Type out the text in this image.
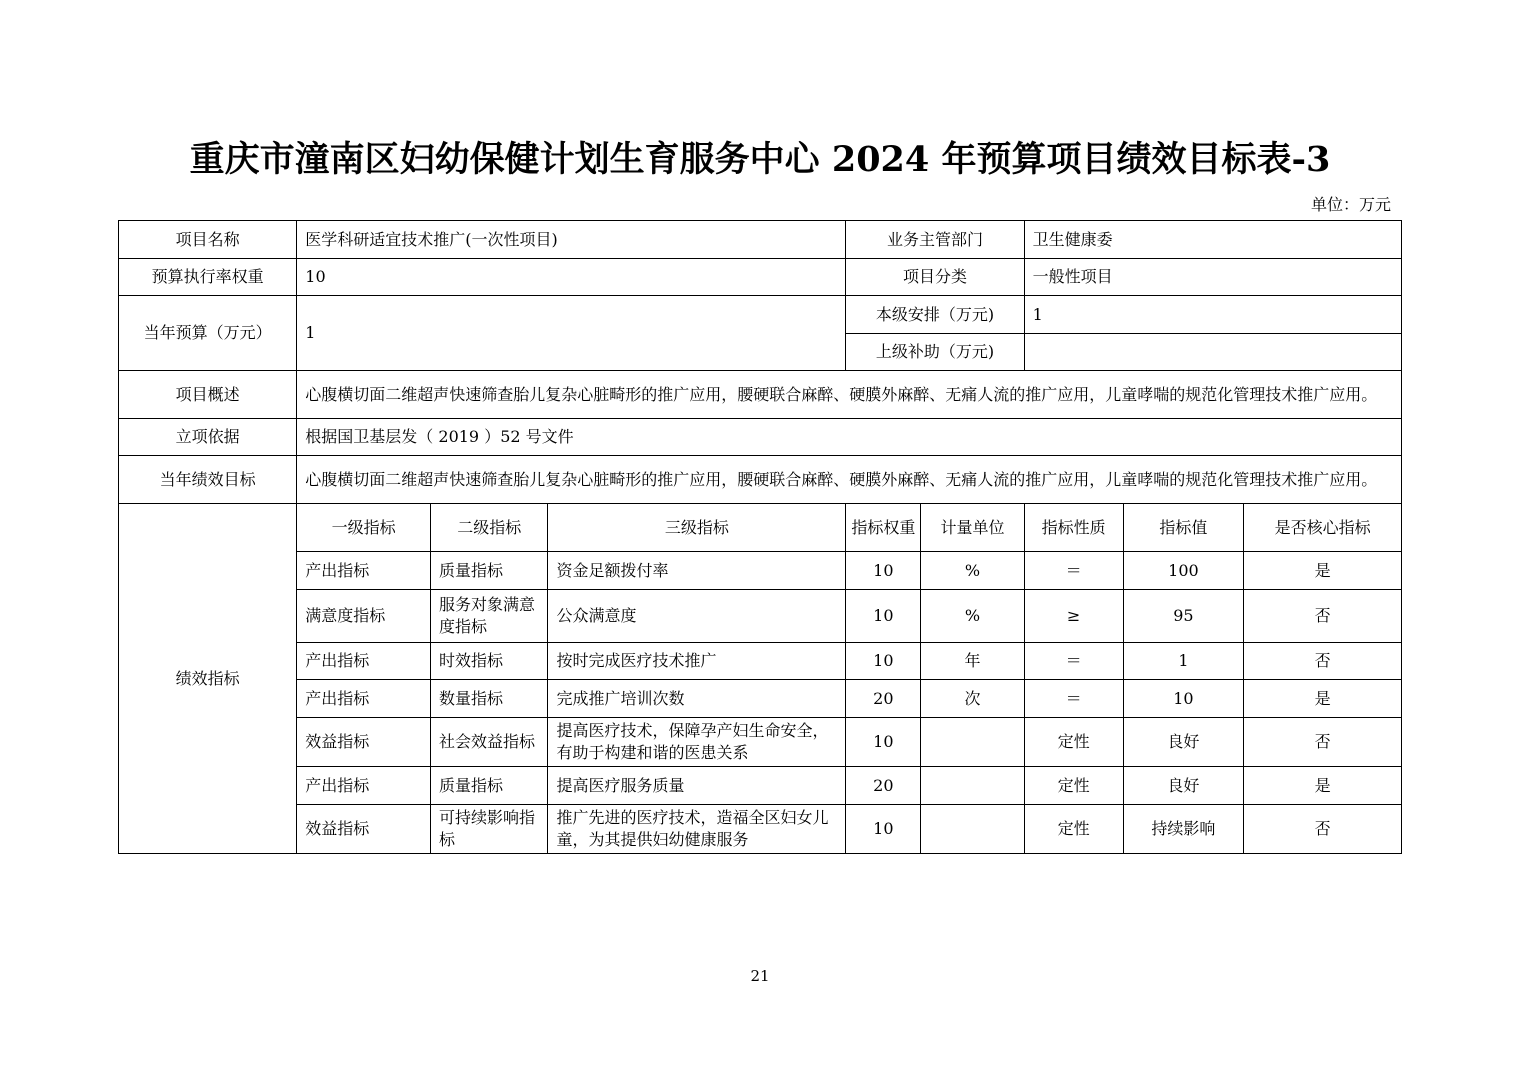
重庆市潼南区妇幼保健计划生育服务中心 2024 年预算项目绩效目标表-3
单位：万元
项目名称	医学科研适宜技术推广(一次性项目)			业务主管部门		卫生健康委		
预算执行率权重	10			项目分类		一般性项目		
当年预算（万元）	1			本级安排（万元)		1		
				上级补助（万元)				
项目概述	心腹横切面二维超声快速筛查胎儿复杂心脏畸形的推广应用，腰硬联合麻醉、硬膜外麻醉、无痛人流的推广应用，儿童哮喘的规范化管理技术推广应用。							
立项依据	根据国卫基层发（ 2019 ）52 号文件							
当年绩效目标	心腹横切面二维超声快速筛查胎儿复杂心脏畸形的推广应用，腰硬联合麻醉、硬膜外麻醉、无痛人流的推广应用，儿童哮喘的规范化管理技术推广应用。							
绩效指标	一级指标	二级指标	三级指标	指标权重	计量单位	指标性质	指标值	是否核心指标
	产出指标	质量指标	资金足额拨付率	10	%	＝	100	是
	满意度指标	服务对象满意度指标	公众满意度	10	%	≥	95	否
	产出指标	时效指标	按时完成医疗技术推广	10	年	＝	1	否
	产出指标	数量指标	完成推广培训次数	20	次	＝	10	是
	效益指标	社会效益指标	提高医疗技术，保障孕产妇生命安全，有助于构建和谐的医患关系	10		定性	良好	否
	产出指标	质量指标	提高医疗服务质量	20		定性	良好	是
	效益指标	可持续影响指标	推广先进的医疗技术，造福全区妇女儿童，为其提供妇幼健康服务	10		定性	持续影响	否
21
